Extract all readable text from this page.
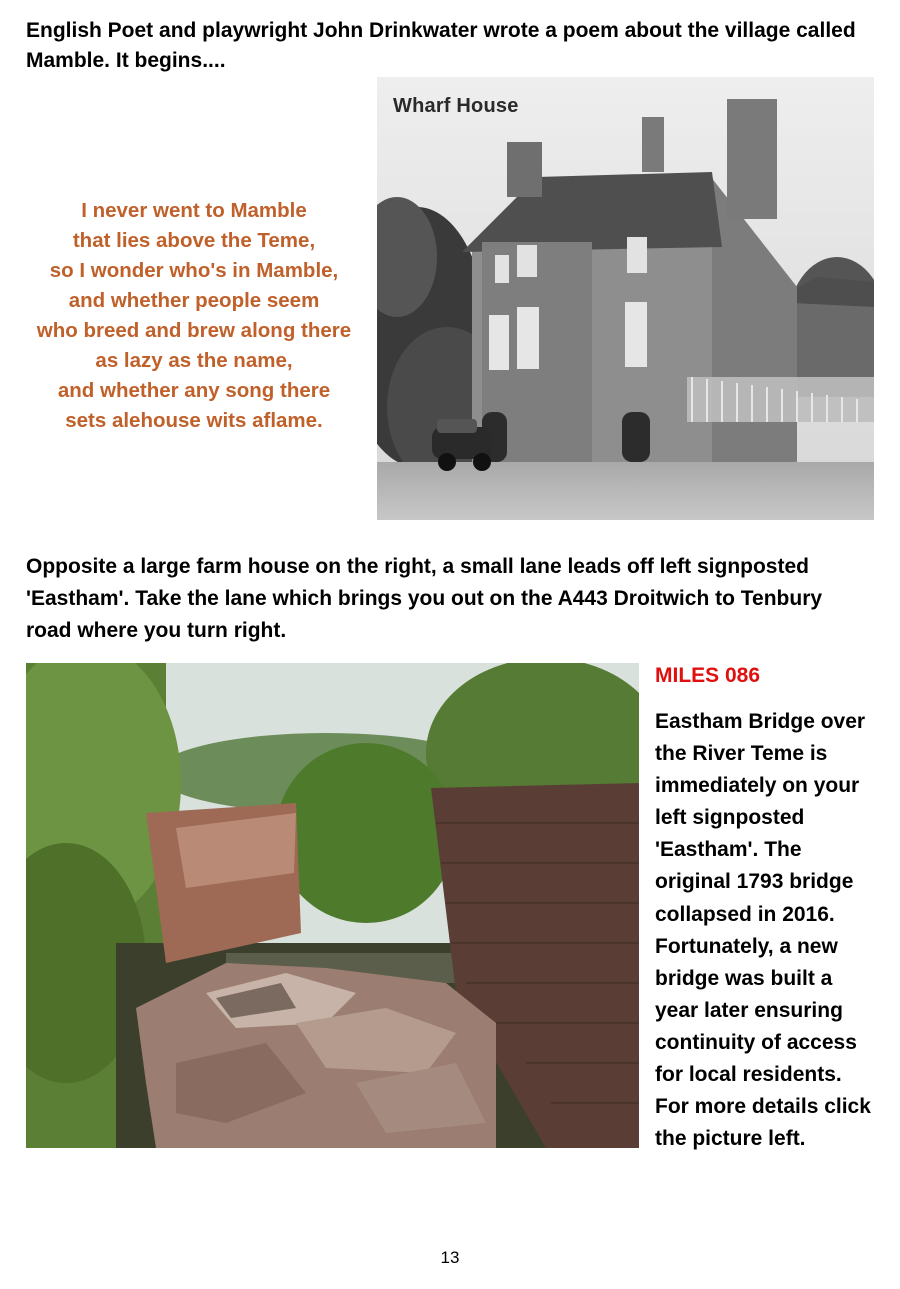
English Poet and playwright John Drinkwater wrote a poem about the village called
Mamble. It begins....
I never went to Mamble
that lies above the Teme,
so I wonder who's in Mamble,
and whether people seem
who breed and brew along there
as lazy as the name,
and whether any song there
sets alehouse wits aflame.
Wharf House
Opposite a large farm house on the right, a small lane leads off left signposted
'Eastham'. Take the lane which brings you out on the A443 Droitwich to Tenbury
road where you turn right.
MILES 086
Eastham Bridge over
the River Teme is
immediately on your
left signposted
'Eastham'. The
original 1793 bridge
collapsed in 2016.
Fortunately, a new
bridge was built a
year later ensuring
continuity of access
for local residents.
For more details click
the picture left.
13
